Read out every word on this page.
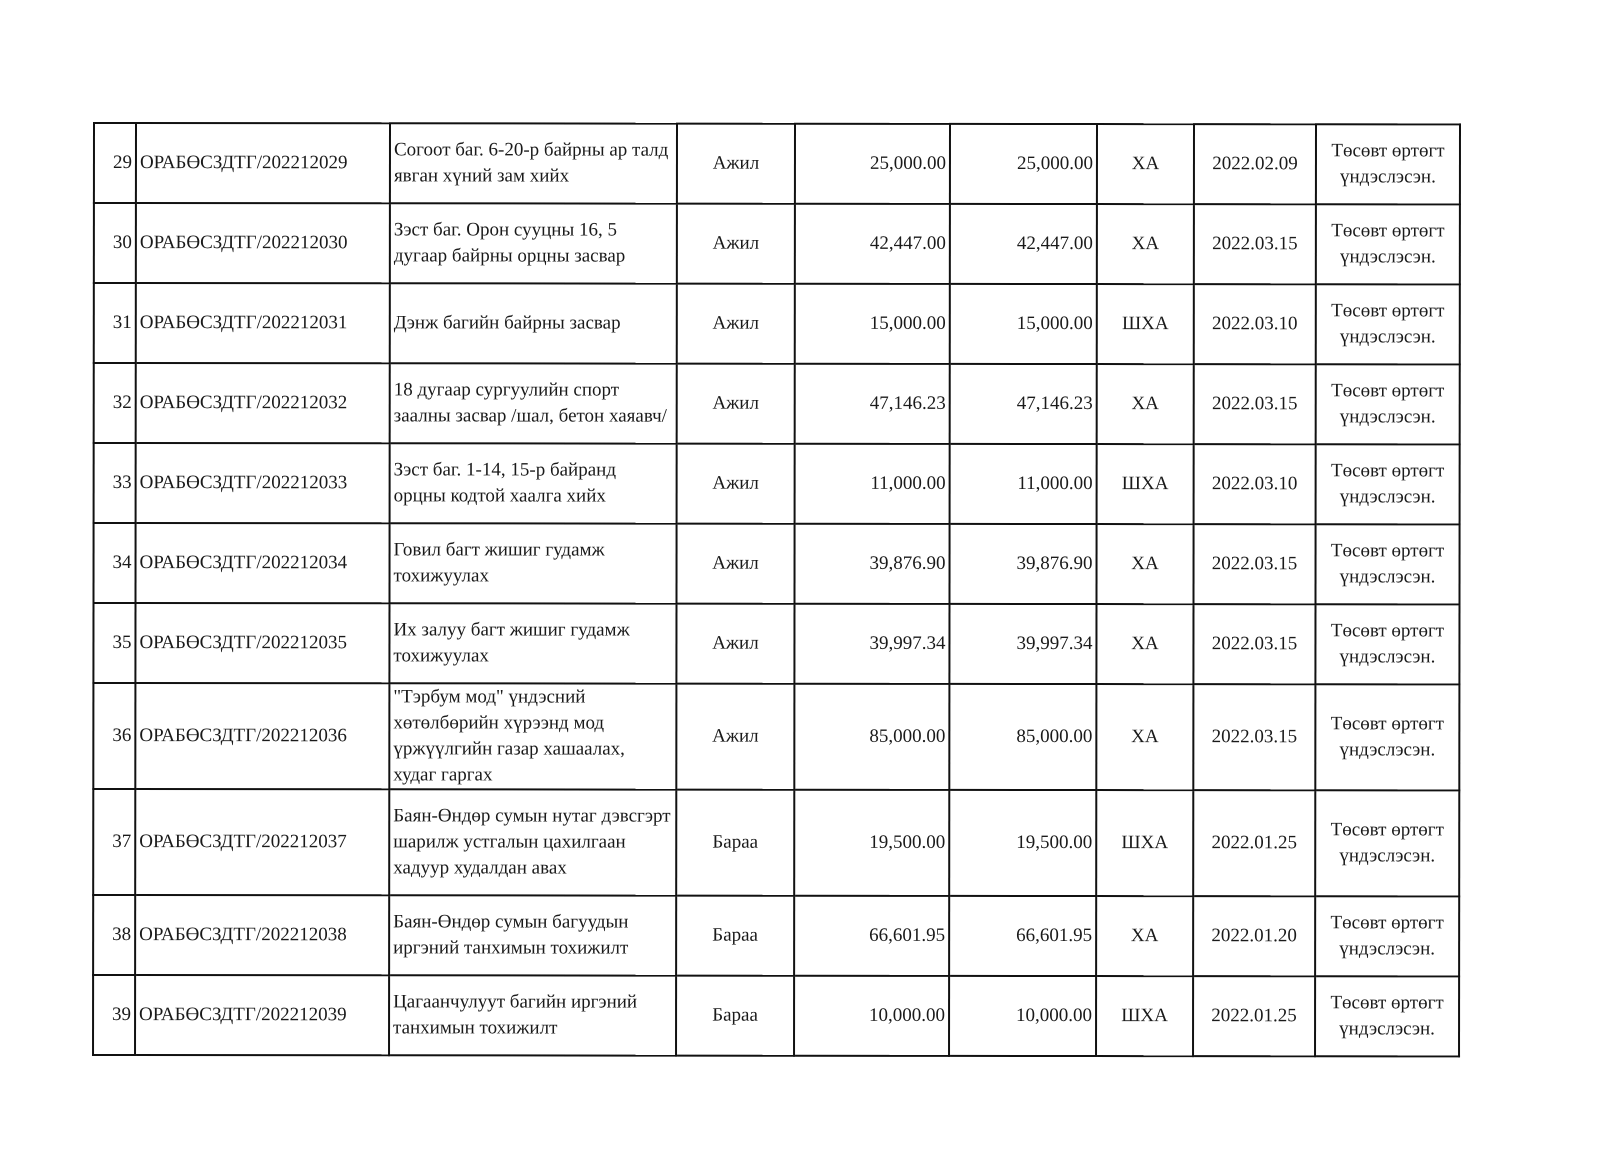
29	ОРАБӨСЗДТГ/202212029	Согоот баг. 6-20-р байрны ар талд явган хүний зам хийх	Ажил	25,000.00	25,000.00	ХА	2022.02.09	Төсөвт өртөгт үндэслэсэн.
30	ОРАБӨСЗДТГ/202212030	Зэст баг. Орон сууцны 16, 5 дугаар байрны орцны засвар	Ажил	42,447.00	42,447.00	ХА	2022.03.15	Төсөвт өртөгт үндэслэсэн.
31	ОРАБӨСЗДТГ/202212031	Дэнж багийн байрны засвар	Ажил	15,000.00	15,000.00	ШХА	2022.03.10	Төсөвт өртөгт үндэслэсэн.
32	ОРАБӨСЗДТГ/202212032	18 дугаар сургуулийн спорт заалны засвар /шал, бетон хаяавч/	Ажил	47,146.23	47,146.23	ХА	2022.03.15	Төсөвт өртөгт үндэслэсэн.
33	ОРАБӨСЗДТГ/202212033	Зэст баг. 1-14, 15-р байранд орцны кодтой хаалга хийх	Ажил	11,000.00	11,000.00	ШХА	2022.03.10	Төсөвт өртөгт үндэслэсэн.
34	ОРАБӨСЗДТГ/202212034	Говил багт жишиг гудамж тохижуулах	Ажил	39,876.90	39,876.90	ХА	2022.03.15	Төсөвт өртөгт үндэслэсэн.
35	ОРАБӨСЗДТГ/202212035	Их залуу багт жишиг гудамж тохижуулах	Ажил	39,997.34	39,997.34	ХА	2022.03.15	Төсөвт өртөгт үндэслэсэн.
36	ОРАБӨСЗДТГ/202212036	"Тэрбум мод" үндэсний хөтөлбөрийн хүрээнд мод үржүүлгийн газар хашаалах, худаг гаргах	Ажил	85,000.00	85,000.00	ХА	2022.03.15	Төсөвт өртөгт үндэслэсэн.
37	ОРАБӨСЗДТГ/202212037	Баян-Өндөр сумын нутаг дэвсгэрт шарилж устгалын цахилгаан хадуур худалдан авах	Бараа	19,500.00	19,500.00	ШХА	2022.01.25	Төсөвт өртөгт үндэслэсэн.
38	ОРАБӨСЗДТГ/202212038	Баян-Өндөр сумын багуудын иргэний танхимын тохижилт	Бараа	66,601.95	66,601.95	ХА	2022.01.20	Төсөвт өртөгт үндэслэсэн.
39	ОРАБӨСЗДТГ/202212039	Цагаанчулуут багийн иргэний танхимын тохижилт	Бараа	10,000.00	10,000.00	ШХА	2022.01.25	Төсөвт өртөгт үндэслэсэн.
